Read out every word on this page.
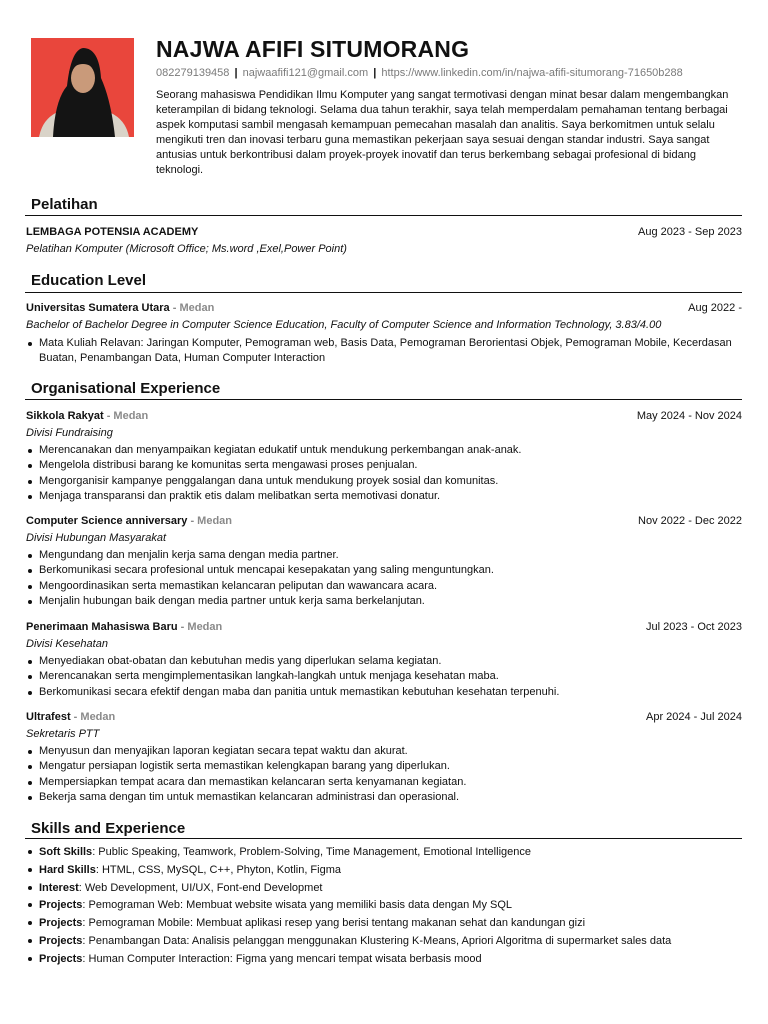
NAJWA AFIFI SITUMORANG
082279139458 | najwaafifi121@gmail.com | https://www.linkedin.com/in/najwa-afifi-situmorang-71650b288
Seorang mahasiswa Pendidikan Ilmu Komputer yang sangat termotivasi dengan minat besar dalam mengembangkan keterampilan di bidang teknologi. Selama dua tahun terakhir, saya telah memperdalam pemahaman tentang berbagai aspek komputasi sambil mengasah kemampuan pemecahan masalah dan analitis. Saya berkomitmen untuk selalu mengikuti tren dan inovasi terbaru guna memastikan pekerjaan saya sesuai dengan standar industri. Saya sangat antusias untuk berkontribusi dalam proyek-proyek inovatif dan terus berkembang sebagai profesional di bidang teknologi.
Pelatihan
LEMBAGA POTENSIA ACADEMY	Aug 2023 - Sep 2023
Pelatihan Komputer (Microsoft Office; Ms.word ,Exel,Power Point)
Education Level
Universitas Sumatera Utara - Medan	Aug 2022 -
Bachelor of Bachelor Degree in Computer Science Education, Faculty of Computer Science and Information Technology, 3.83/4.00
Mata Kuliah Relavan: Jaringan Komputer, Pemograman web, Basis Data, Pemograman Berorientasi Objek, Pemograman Mobile, Kecerdasan Buatan, Penambangan Data, Human Computer Interaction
Organisational Experience
Sikkola Rakyat - Medan	May 2024 - Nov 2024
Divisi Fundraising
Merencanakan dan menyampaikan kegiatan edukatif untuk mendukung perkembangan anak-anak.
Mengelola distribusi barang ke komunitas serta mengawasi proses penjualan.
Mengorganisir kampanye penggalangan dana untuk mendukung proyek sosial dan komunitas.
Menjaga transparansi dan praktik etis dalam melibatkan serta memotivasi donatur.
Computer Science anniversary - Medan	Nov 2022 - Dec 2022
Divisi Hubungan Masyarakat
Mengundang dan menjalin kerja sama dengan media partner.
Berkomunikasi secara profesional untuk mencapai kesepakatan yang saling menguntungkan.
Mengoordinasikan serta memastikan kelancaran peliputan dan wawancara acara.
Menjalin hubungan baik dengan media partner untuk kerja sama berkelanjutan.
Penerimaan Mahasiswa Baru - Medan	Jul 2023 - Oct 2023
Divisi Kesehatan
Menyediakan obat-obatan dan kebutuhan medis yang diperlukan selama kegiatan.
Merencanakan serta mengimplementasikan langkah-langkah untuk menjaga kesehatan maba.
Berkomunikasi secara efektif dengan maba dan panitia untuk memastikan kebutuhan kesehatan terpenuhi.
Ultrafest - Medan	Apr 2024 - Jul 2024
Sekretaris PTT
Menyusun dan menyajikan laporan kegiatan secara tepat waktu dan akurat.
Mengatur persiapan logistik serta memastikan kelengkapan barang yang diperlukan.
Mempersiapkan tempat acara dan memastikan kelancaran serta kenyamanan kegiatan.
Bekerja sama dengan tim untuk memastikan kelancaran administrasi dan operasional.
Skills and Experience
Soft Skills: Public Speaking, Teamwork, Problem-Solving, Time Management, Emotional Intelligence
Hard Skills: HTML, CSS, MySQL, C++, Phyton, Kotlin, Figma
Interest: Web Development, UI/UX, Font-end Developmet
Projects: Pemograman Web: Membuat website wisata yang memiliki basis data dengan My SQL
Projects: Pemograman Mobile: Membuat aplikasi resep yang berisi tentang makanan sehat dan kandungan gizi
Projects: Penambangan Data: Analisis pelanggan menggunakan Klustering K-Means, Apriori Algoritma di supermarket sales data
Projects: Human Computer Interaction: Figma yang mencari tempat wisata berbasis mood
